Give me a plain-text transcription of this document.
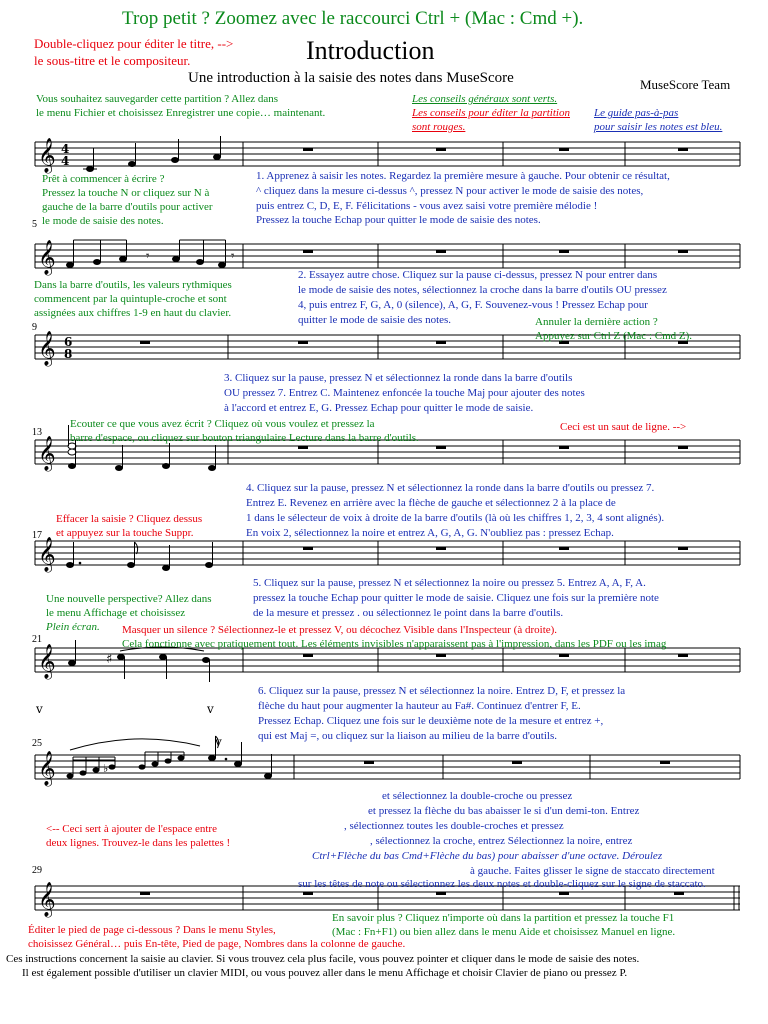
Trop petit ? Zoomez avec le raccourci Ctrl + (Mac : Cmd +).
Double-cliquez pour éditer le titre, -->
le sous-titre et le compositeur.	Introduction
Une introduction à la saisie des notes dans MuseScore	MuseScore Team
Vous souhaitez sauvegarder cette partition ? Allez dans
le menu Fichier et choisissez Enregistrer une copie… maintenant.
Les conseils généraux sont verts.
Les conseils pour éditer la partition
sont rouges.
Le guide pas-à-pas
pour saisir les notes est bleu.
𝄞 4
4
5
𝄞	𝄾	𝄾
9
𝄞 6
8
13
𝄞
17
𝄞
21
𝄞	♯
v	v
v
25
𝄞	♭
29
𝄞
Prêt à commencer à écrire ?
Pressez la touche N or cliquez sur N à
gauche de la barre d'outils pour activer
le mode de saisie des notes.
1. Apprenez à saisir les notes. Regardez la première mesure à gauche. Pour obtenir ce résultat,
^ cliquez dans la mesure ci-dessus ^, pressez N pour activer le mode de saisie des notes,
puis entrez C, D, E, F. Félicitations - vous avez saisi votre première mélodie !
Pressez la touche Echap pour quitter le mode de saisie des notes.
Dans la barre d'outils, les valeurs rythmiques
commencent par la quintuple-croche et sont
assignées aux chiffres 1-9 en haut du clavier.
2. Essayez autre chose. Cliquez sur la pause ci-dessus, pressez N pour entrer dans
le mode de saisie des notes, sélectionnez la croche dans la barre d'outils OU pressez
4, puis entrez F, G, A, 0 (silence), A, G, F. Souvenez-vous ! Pressez Echap pour
quitter le mode de saisie des notes.	Annuler la dernière action ?
Appuyez sur Ctrl Z (Mac : Cmd Z).
3. Cliquez sur la pause, pressez N et sélectionnez la ronde dans la barre d'outils
OU pressez 7. Entrez C. Maintenez enfoncée la touche Maj pour ajouter des notes
à l'accord et entrez E, G. Pressez Echap pour quitter le mode de saisie.
Ecouter ce que vous avez écrit ? Cliquez où vous voulez et pressez la
barre d'espace, ou cliquez sur bouton triangulaire Lecture dans la barre d'outils.
Ceci est un saut de ligne. -->
4. Cliquez sur la pause, pressez N et sélectionnez la ronde dans la barre d'outils ou pressez 7.
Entrez E. Revenez en arrière avec la flèche de gauche et sélectionnez 2 à la place de
1 dans le sélecteur de voix à droite de la barre d'outils (là où les chiffres 1, 2, 3, 4 sont alignés).
En voix 2, sélectionnez la noire et entrez A, G, A, G. N'oubliez pas : pressez Echap.
Effacer la saisie ? Cliquez dessus
et appuyez sur la touche Suppr.
5. Cliquez sur la pause, pressez N et sélectionnez la noire ou pressez 5. Entrez A, A, F, A.
pressez la touche Echap pour quitter le mode de saisie. Cliquez une fois sur la première note
de la mesure et pressez . ou sélectionnez le point dans la barre d'outils.
Une nouvelle perspective? Allez dans
le menu Affichage et choisissez
Plein écran. Masquer un silence ? Sélectionnez-le et pressez V, ou décochez Visible dans l'Inspecteur (à droite).
Cela fonctionne avec pratiquement tout. Les éléments invisibles n'apparaissent pas à l'impression, dans les PDF ou les imag
6. Cliquez sur la pause, pressez N et sélectionnez la noire. Entrez D, F, et pressez la
flèche du haut pour augmenter la hauteur au Fa#. Continuez d'entrer F, E.
Pressez Echap. Cliquez une fois sur le deuxième note de la mesure et entrez +,
qui est Maj =, ou cliquez sur la liaison au milieu de la barre d'outils.
et sélectionnez la double-croche ou pressez
et pressez la flèche du bas abaisser le si d'un demi-ton. Entrez
, sélectionnez toutes les double-croches et pressez
, sélectionnez la croche, entrez Sélectionnez la noire, entrez
Ctrl+Flèche du bas Cmd+Flèche du bas) pour abaisser d'une octave. Déroulez
à gauche. Faites glisser le signe de staccato directement
sur les têtes de note ou sélectionnez les deux notes et double-cliquez sur le signe de staccato.
<-- Ceci sert à ajouter de l'espace entre
deux lignes. Trouvez-le dans les palettes !
Éditer le pied de page ci-dessous ? Dans le menu Styles,
choisissez Général… puis En-tête, Pied de page, Nombres dans la colonne de gauche.
En savoir plus ? Cliquez n'importe où dans la partition et pressez la touche F1
(Mac : Fn+F1) ou bien allez dans le menu Aide et choisissez Manuel en ligne.
Ces instructions concernent la saisie au clavier. Si vous trouvez cela plus facile, vous pouvez pointer et cliquer dans le mode de saisie des notes.
Il est également possible d'utiliser un clavier MIDI, ou vous pouvez aller dans le menu Affichage et choisir Clavier de piano ou pressez P.
